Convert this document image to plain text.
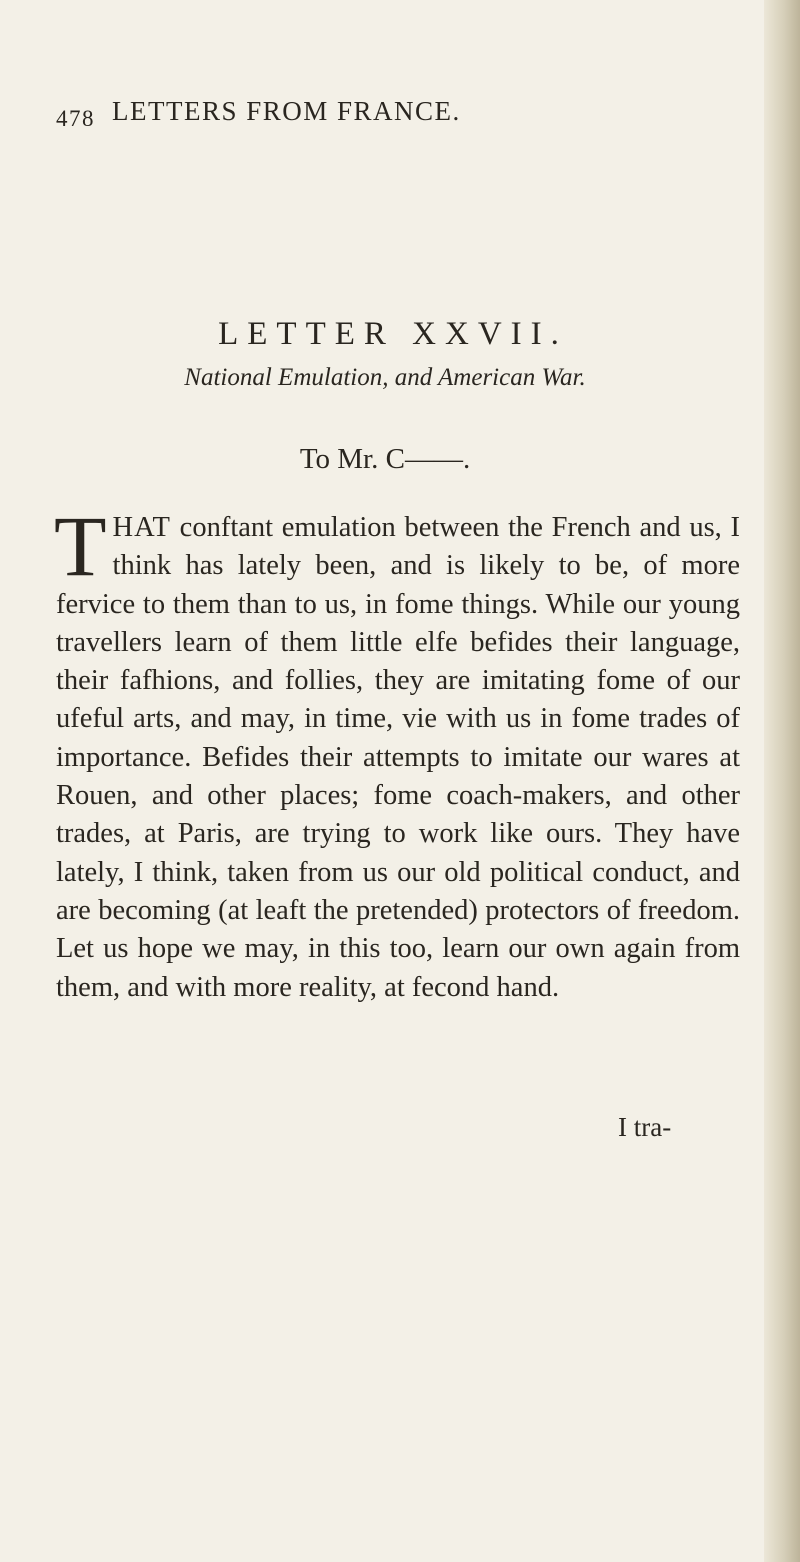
478 LETTERS FROM FRANCE.
LETTER XXVII.
National Emulation, and American War.
To Mr. C——.
THAT conftant emulation between the French and us, I think has lately been, and is likely to be, of more fervice to them than to us, in fome things. While our young travellers learn of them little elfe befides their language, their fafhions, and follies, they are imitating fome of our ufeful arts, and may, in time, vie with us in fome trades of importance. Befides their attempts to imitate our wares at Rouen, and other places; fome coach-makers, and other trades, at Paris, are trying to work like ours. They have lately, I think, taken from us our old political conduct, and are becoming (at leaft the pretended) protectors of freedom. Let us hope we may, in this too, learn our own again from them, and with more reality, at fecond hand.
I tra-
